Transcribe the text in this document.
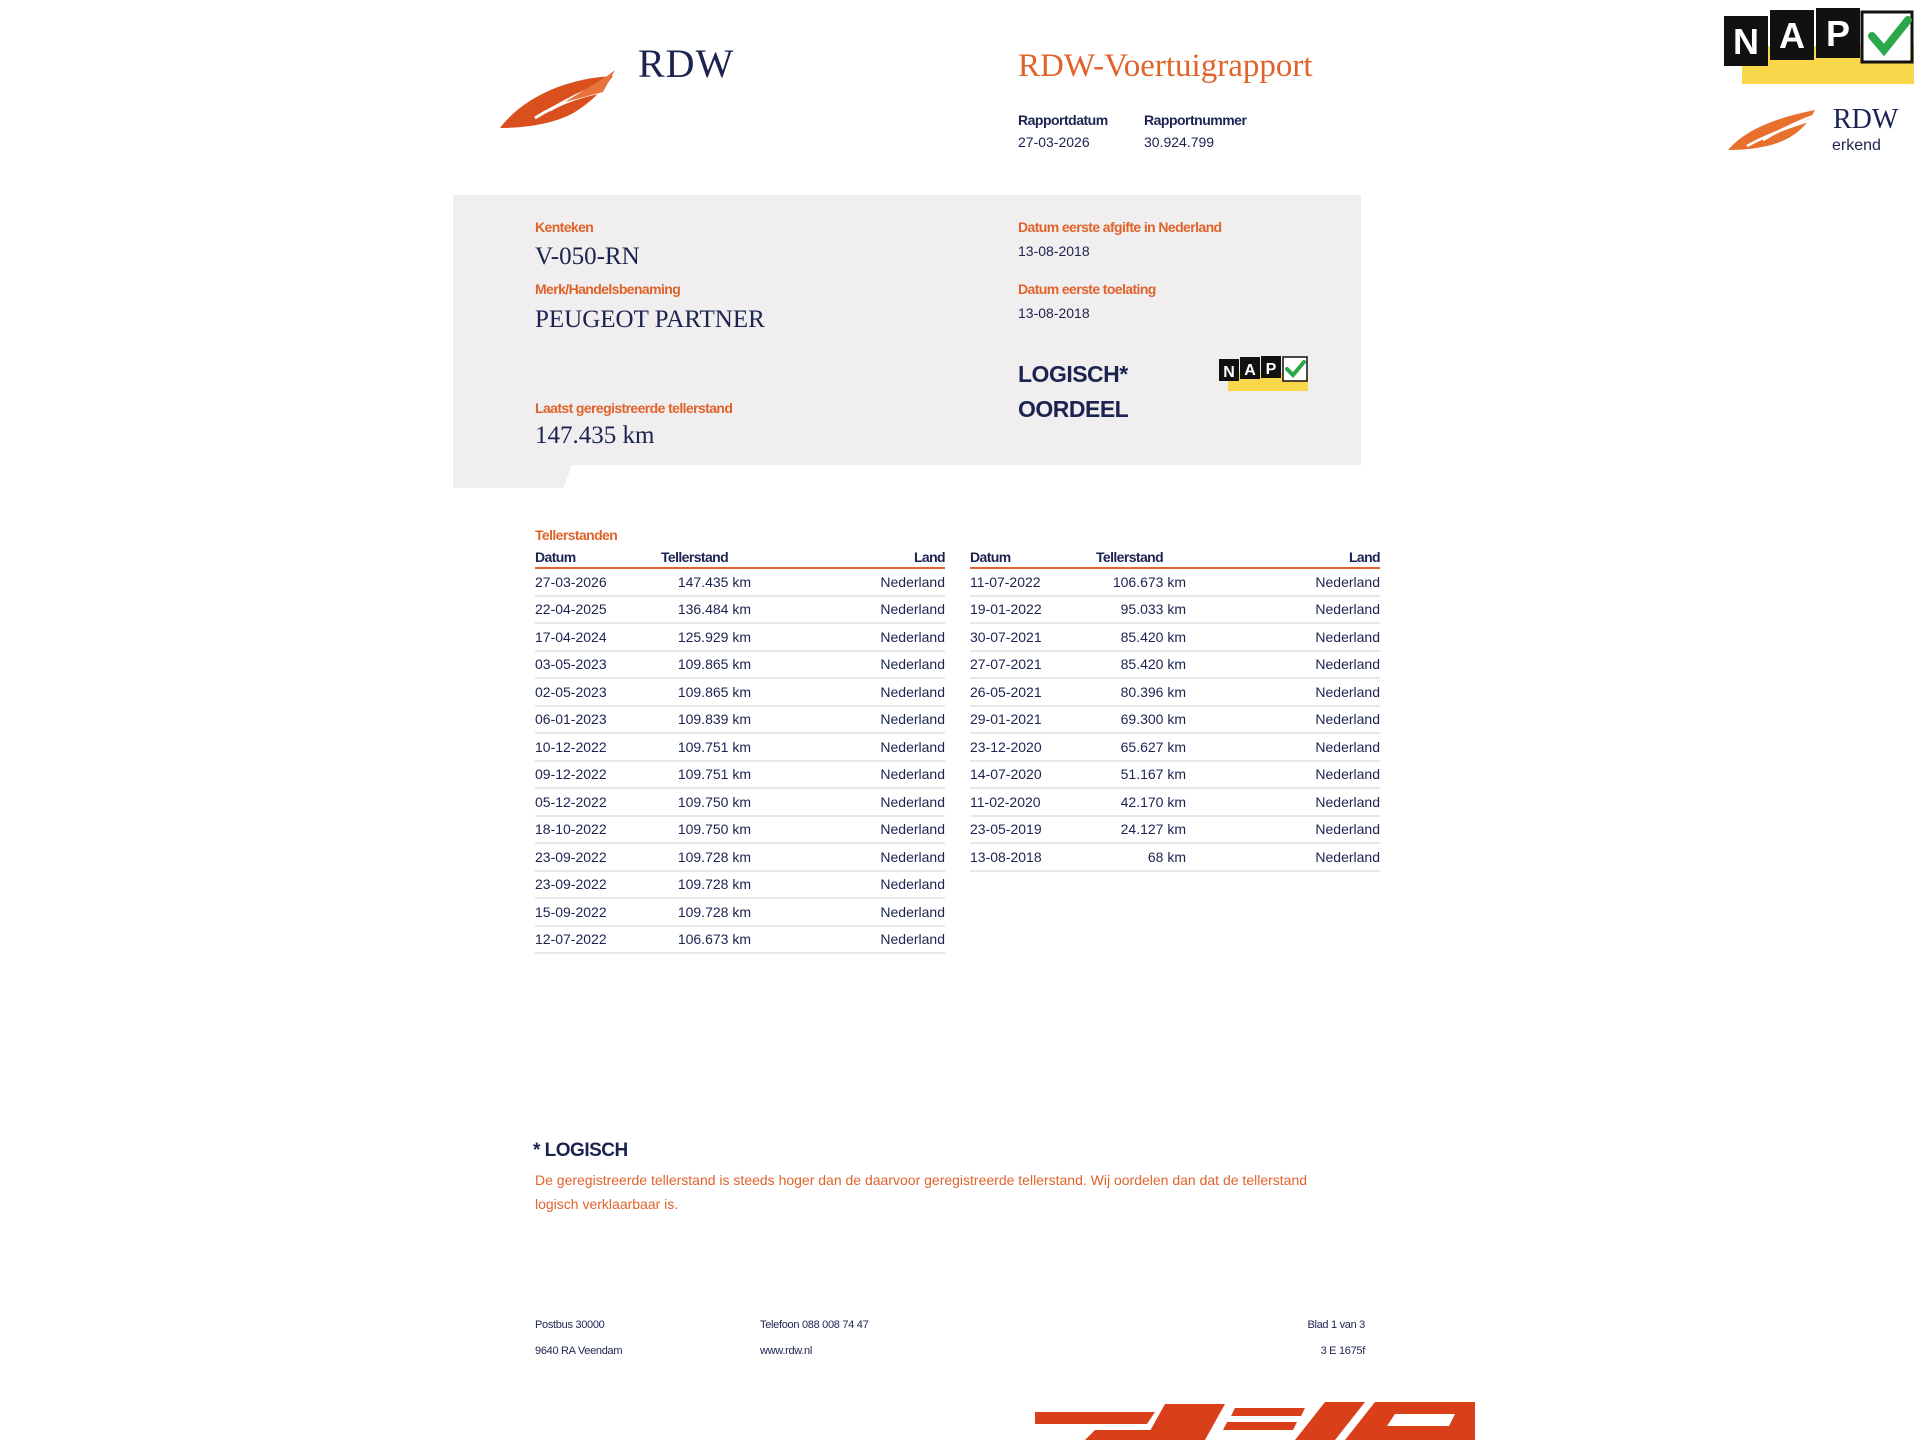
RDW	N A P
RDW
erkend
RDW-Voertuigrapport
Rapportdatum
27-03-2026
Rapportnummer
30.924.799
Kenteken
V-050-RN
Merk/Handelsbenaming
PEUGEOT PARTNER
Laatst geregistreerde tellerstand
147.435 km
Datum eerste afgifte in Nederland
13-08-2018
Datum eerste toelating
13-08-2018
LOGISCH*
OORDEEL
N A P
Tellerstanden
Datum	Tellerstand	Land
27-03-2026	147.435 km	Nederland
22-04-2025	136.484 km	Nederland
17-04-2024	125.929 km	Nederland
03-05-2023	109.865 km	Nederland
02-05-2023	109.865 km	Nederland
06-01-2023	109.839 km	Nederland
10-12-2022	109.751 km	Nederland
09-12-2022	109.751 km	Nederland
05-12-2022	109.750 km	Nederland
18-10-2022	109.750 km	Nederland
23-09-2022	109.728 km	Nederland
23-09-2022	109.728 km	Nederland
15-09-2022	109.728 km	Nederland
12-07-2022	106.673 km	Nederland
Datum	Tellerstand	Land
11-07-2022	106.673 km	Nederland
19-01-2022	95.033 km	Nederland
30-07-2021	85.420 km	Nederland
27-07-2021	85.420 km	Nederland
26-05-2021	80.396 km	Nederland
29-01-2021	69.300 km	Nederland
23-12-2020	65.627 km	Nederland
14-07-2020	51.167 km	Nederland
11-02-2020	42.170 km	Nederland
23-05-2019	24.127 km	Nederland
13-08-2018	68 km	Nederland
* LOGISCH
De geregistreerde tellerstand is steeds hoger dan de daarvoor geregistreerde tellerstand. Wij oordelen dan dat de tellerstand logisch verklaarbaar is.
Postbus 30000
9640 RA Veendam
Telefoon 088 008 74 47
www.rdw.nl
Blad 1 van 3
3 E 1675f
